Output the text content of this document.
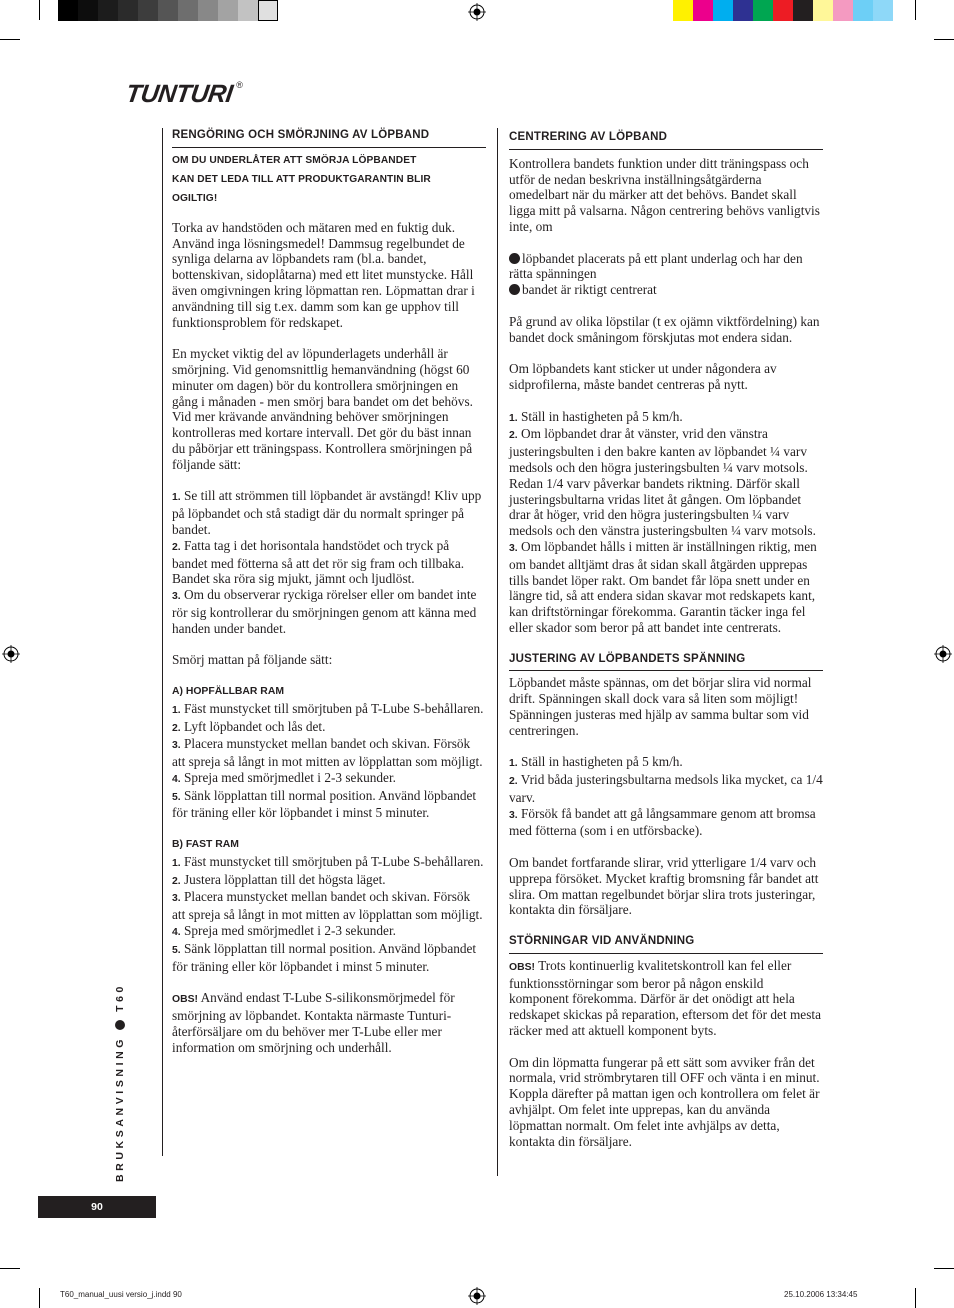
TUNTURI ®
RENGÖRING OCH SMÖRJNING AV LÖPBAND
OM DU UNDERLÅTER ATT SMÖRJA LÖPBANDET
KAN DET LEDA TILL ATT PRODUKTGARANTIN BLIR
OGILTIG!

Torka av handstöden och mätaren med en fuktig duk. Använd inga lösningsmedel! Dammsug regelbundet de synliga delarna av löpbandets ram (bl.a. bandet, bottenskivan, sidoplåtarna) med ett litet munstycke. Håll även omgivningen kring löpmattan ren. Löpmattan drar i användning till sig t.ex. damm som kan ge upphov till funktionsproblem för redskapet.

En mycket viktig del av löpunderlagets underhåll är smörjning. Vid genomsnittlig hemanvändning (högst 60 minuter om dagen) bör du kontrollera smörjningen en gång i månaden - men smörj bara bandet om det behövs. Vid mer krävande användning behöver smörjningen kontrolleras med kortare intervall. Det gör du bäst innan du påbörjar ett träningspass. Kontrollera smörjningen på följande sätt:

1. Se till att strömmen till löpbandet är avstängd! Kliv upp på löpbandet och stå stadigt där du normalt springer på bandet.

2. Fatta tag i det horisontala handstödet och tryck på bandet med fötterna så att det rör sig fram och tillbaka. Bandet ska röra sig mjukt, jämnt och ljudlöst.

3. Om du observerar ryckiga rörelser eller om bandet inte rör sig kontrollerar du smörjningen genom att känna med handen under bandet.

Smörj mattan på följande sätt:

A) HOPFÄLLBAR RAM

1. Fäst munstycket till smörjtuben på T-Lube S-behållaren.

2. Lyft löpbandet och lås det.

3. Placera munstycket mellan bandet och skivan. Försök att spreja så långt in mot mitten av löpplattan som möjligt.

4. Spreja med smörjmedlet i 2-3 sekunder.

5. Sänk löpplattan till normal position. Använd löpbandet för träning eller kör löpbandet i minst 5 minuter.

B) FAST RAM

1. Fäst munstycket till smörjtuben på T-Lube S-behållaren.

2. Justera löpplattan till det högsta läget.

3. Placera munstycket mellan bandet och skivan. Försök att spreja så långt in mot mitten av löpplattan som möjligt.

4. Spreja med smörjmedlet i 2-3 sekunder.

5. Sänk löpplattan till normal position. Använd löpbandet för träning eller kör löpbandet i minst 5 minuter.

OBS! Använd endast T-Lube S-silikonsmörjmedel för smörjning av löpbandet. Kontakta närmaste Tunturi-återförsäljare om du behöver mer T-Lube eller mer information om smörjning och underhåll.

CENTRERING AV LÖPBAND

Kontrollera bandets funktion under ditt träningspass och utför de nedan beskrivna inställningsåtgärderna omedelbart när du märker att det behövs. Bandet skall ligga mitt på valsarna. Någon centrering behövs vanligtvis inte, om

löpbandet placerats på ett plant underlag och har den rätta spänningen

bandet är riktigt centrerat

På grund av olika löpstilar (t ex ojämn viktfördelning) kan bandet dock småningom förskjutas mot endera sidan.

Om löpbandets kant sticker ut under någondera av sidprofilerna, måste bandet centreras på nytt.

1. Ställ in hastigheten på 5 km/h.

2. Om löpbandet drar åt vänster, vrid den vänstra justeringsbulten i den bakre kanten av löpbandet ¼ varv medsols och den högra justeringsbulten ¼ varv motsols. Redan 1/4 varv påverkar bandets riktning. Därför skall justeringsbultarna vridas litet åt gången. Om löpbandet drar åt höger, vrid den högra justeringsbulten ¼ varv medsols och den vänstra justeringsbulten ¼ varv motsols.

3. Om löpbandet hålls i mitten är inställningen riktig, men om bandet alltjämt dras åt sidan skall åtgärden upprepas tills bandet löper rakt. Om bandet får löpa snett under en längre tid, så att endera sidan skavar mot redskapets kant, kan driftstörningar förekomma. Garantin täcker inga fel eller skador som beror på att bandet inte centrerats.

JUSTERING AV LÖPBANDETS SPÄNNING

Löpbandet måste spännas, om det börjar slira vid normal drift. Spänningen skall dock vara så liten som möjligt! Spänningen justeras med hjälp av samma bultar som vid centreringen.

1. Ställ in hastigheten på 5 km/h.

2. Vrid båda justeringsbultarna medsols lika mycket, ca 1/4 varv.

3. Försök få bandet att gå långsammare genom att bromsa med fötterna (som i en utförsbacke).

Om bandet fortfarande slirar, vrid ytterligare 1/4 varv och upprepa försöket. Mycket kraftig bromsning får bandet att slira. Om mattan regelbundet börjar slira trots justeringar, kontakta din försäljare.

STÖRNINGAR VID ANVÄNDNING

OBS! Trots kontinuerlig kvalitetskontroll kan fel eller funktionsstörningar som beror på någon enskild komponent förekomma. Därför är det onödigt att hela redskapet skickas på reparation, eftersom det för det mesta räcker med att aktuell komponent byts.

Om din löpmatta fungerar på ett sätt som avviker från det normala, vrid strömbrytaren till OFF och vänta i en minut. Koppla därefter på mattan igen och kontrollera om felet är avhjälpt. Om felet inte upprepas, kan du använda löpmattan normalt. Om felet inte avhjälps av detta, kontakta din försäljare.

BRUKSANVISNING
T60
90
T60_manual_uusi versio_j.indd 90	25.10.2006 13:34:45
